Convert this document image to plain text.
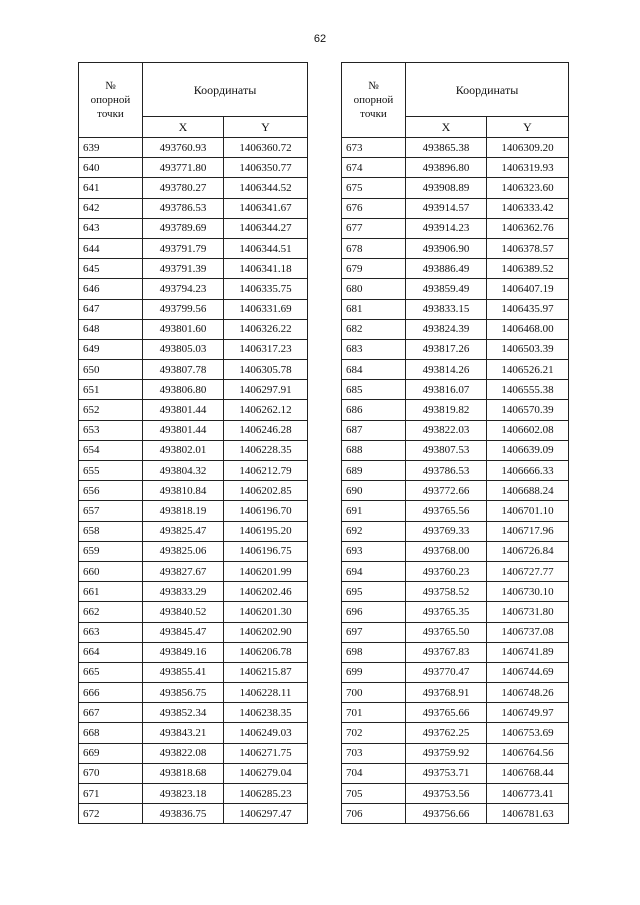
62
№
опорной
точки	Координаты	
	X	Y
639	493760.93	1406360.72
640	493771.80	1406350.77
641	493780.27	1406344.52
642	493786.53	1406341.67
643	493789.69	1406344.27
644	493791.79	1406344.51
645	493791.39	1406341.18
646	493794.23	1406335.75
647	493799.56	1406331.69
648	493801.60	1406326.22
649	493805.03	1406317.23
650	493807.78	1406305.78
651	493806.80	1406297.91
652	493801.44	1406262.12
653	493801.44	1406246.28
654	493802.01	1406228.35
655	493804.32	1406212.79
656	493810.84	1406202.85
657	493818.19	1406196.70
658	493825.47	1406195.20
659	493825.06	1406196.75
660	493827.67	1406201.99
661	493833.29	1406202.46
662	493840.52	1406201.30
663	493845.47	1406202.90
664	493849.16	1406206.78
665	493855.41	1406215.87
666	493856.75	1406228.11
667	493852.34	1406238.35
668	493843.21	1406249.03
669	493822.08	1406271.75
670	493818.68	1406279.04
671	493823.18	1406285.23
672	493836.75	1406297.47
№
опорной
точки	Координаты	
	X	Y
673	493865.38	1406309.20
674	493896.80	1406319.93
675	493908.89	1406323.60
676	493914.57	1406333.42
677	493914.23	1406362.76
678	493906.90	1406378.57
679	493886.49	1406389.52
680	493859.49	1406407.19
681	493833.15	1406435.97
682	493824.39	1406468.00
683	493817.26	1406503.39
684	493814.26	1406526.21
685	493816.07	1406555.38
686	493819.82	1406570.39
687	493822.03	1406602.08
688	493807.53	1406639.09
689	493786.53	1406666.33
690	493772.66	1406688.24
691	493765.56	1406701.10
692	493769.33	1406717.96
693	493768.00	1406726.84
694	493760.23	1406727.77
695	493758.52	1406730.10
696	493765.35	1406731.80
697	493765.50	1406737.08
698	493767.83	1406741.89
699	493770.47	1406744.69
700	493768.91	1406748.26
701	493765.66	1406749.97
702	493762.25	1406753.69
703	493759.92	1406764.56
704	493753.71	1406768.44
705	493753.56	1406773.41
706	493756.66	1406781.63
